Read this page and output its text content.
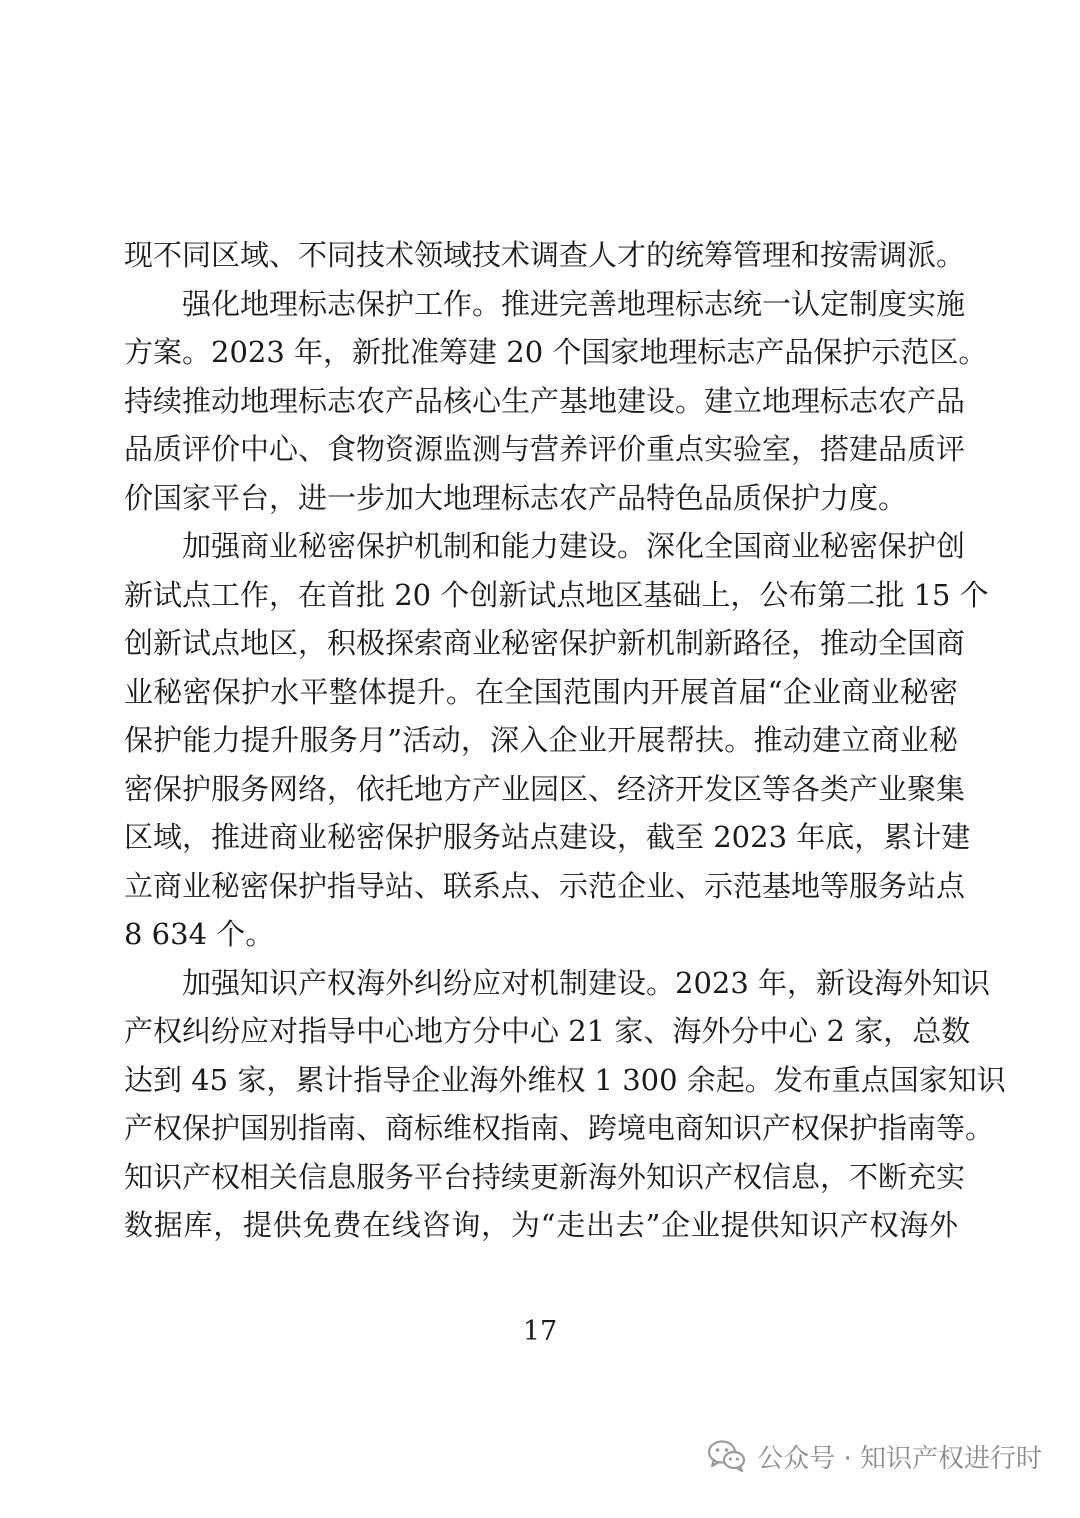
现不同区域、不同技术领域技术调查人才的统筹管理和按需调派。
强化地理标志保护工作。推进完善地理标志统一认定制度实施
方案。2023 年，新批准筹建 20 个国家地理标志产品保护示范区。
持续推动地理标志农产品核心生产基地建设。建立地理标志农产品
品质评价中心、食物资源监测与营养评价重点实验室，搭建品质评
价国家平台，进一步加大地理标志农产品特色品质保护力度。
加强商业秘密保护机制和能力建设。深化全国商业秘密保护创
新试点工作，在首批 20 个创新试点地区基础上，公布第二批 15 个
创新试点地区，积极探索商业秘密保护新机制新路径，推动全国商
业秘密保护水平整体提升。在全国范围内开展首届“企业商业秘密
保护能力提升服务月”活动，深入企业开展帮扶。推动建立商业秘
密保护服务网络，依托地方产业园区、经济开发区等各类产业聚集
区域，推进商业秘密保护服务站点建设，截至 2023 年底，累计建
立商业秘密保护指导站、联系点、示范企业、示范基地等服务站点
8 634 个。
加强知识产权海外纠纷应对机制建设。2023 年，新设海外知识
产权纠纷应对指导中心地方分中心 21 家、海外分中心 2 家，总数
达到 45 家，累计指导企业海外维权 1 300 余起。发布重点国家知识
产权保护国别指南、商标维权指南、跨境电商知识产权保护指南等。
知识产权相关信息服务平台持续更新海外知识产权信息，不断充实
数据库，提供免费在线咨询，为“走出去”企业提供知识产权海外
17
公众号 · 知识产权进行时
